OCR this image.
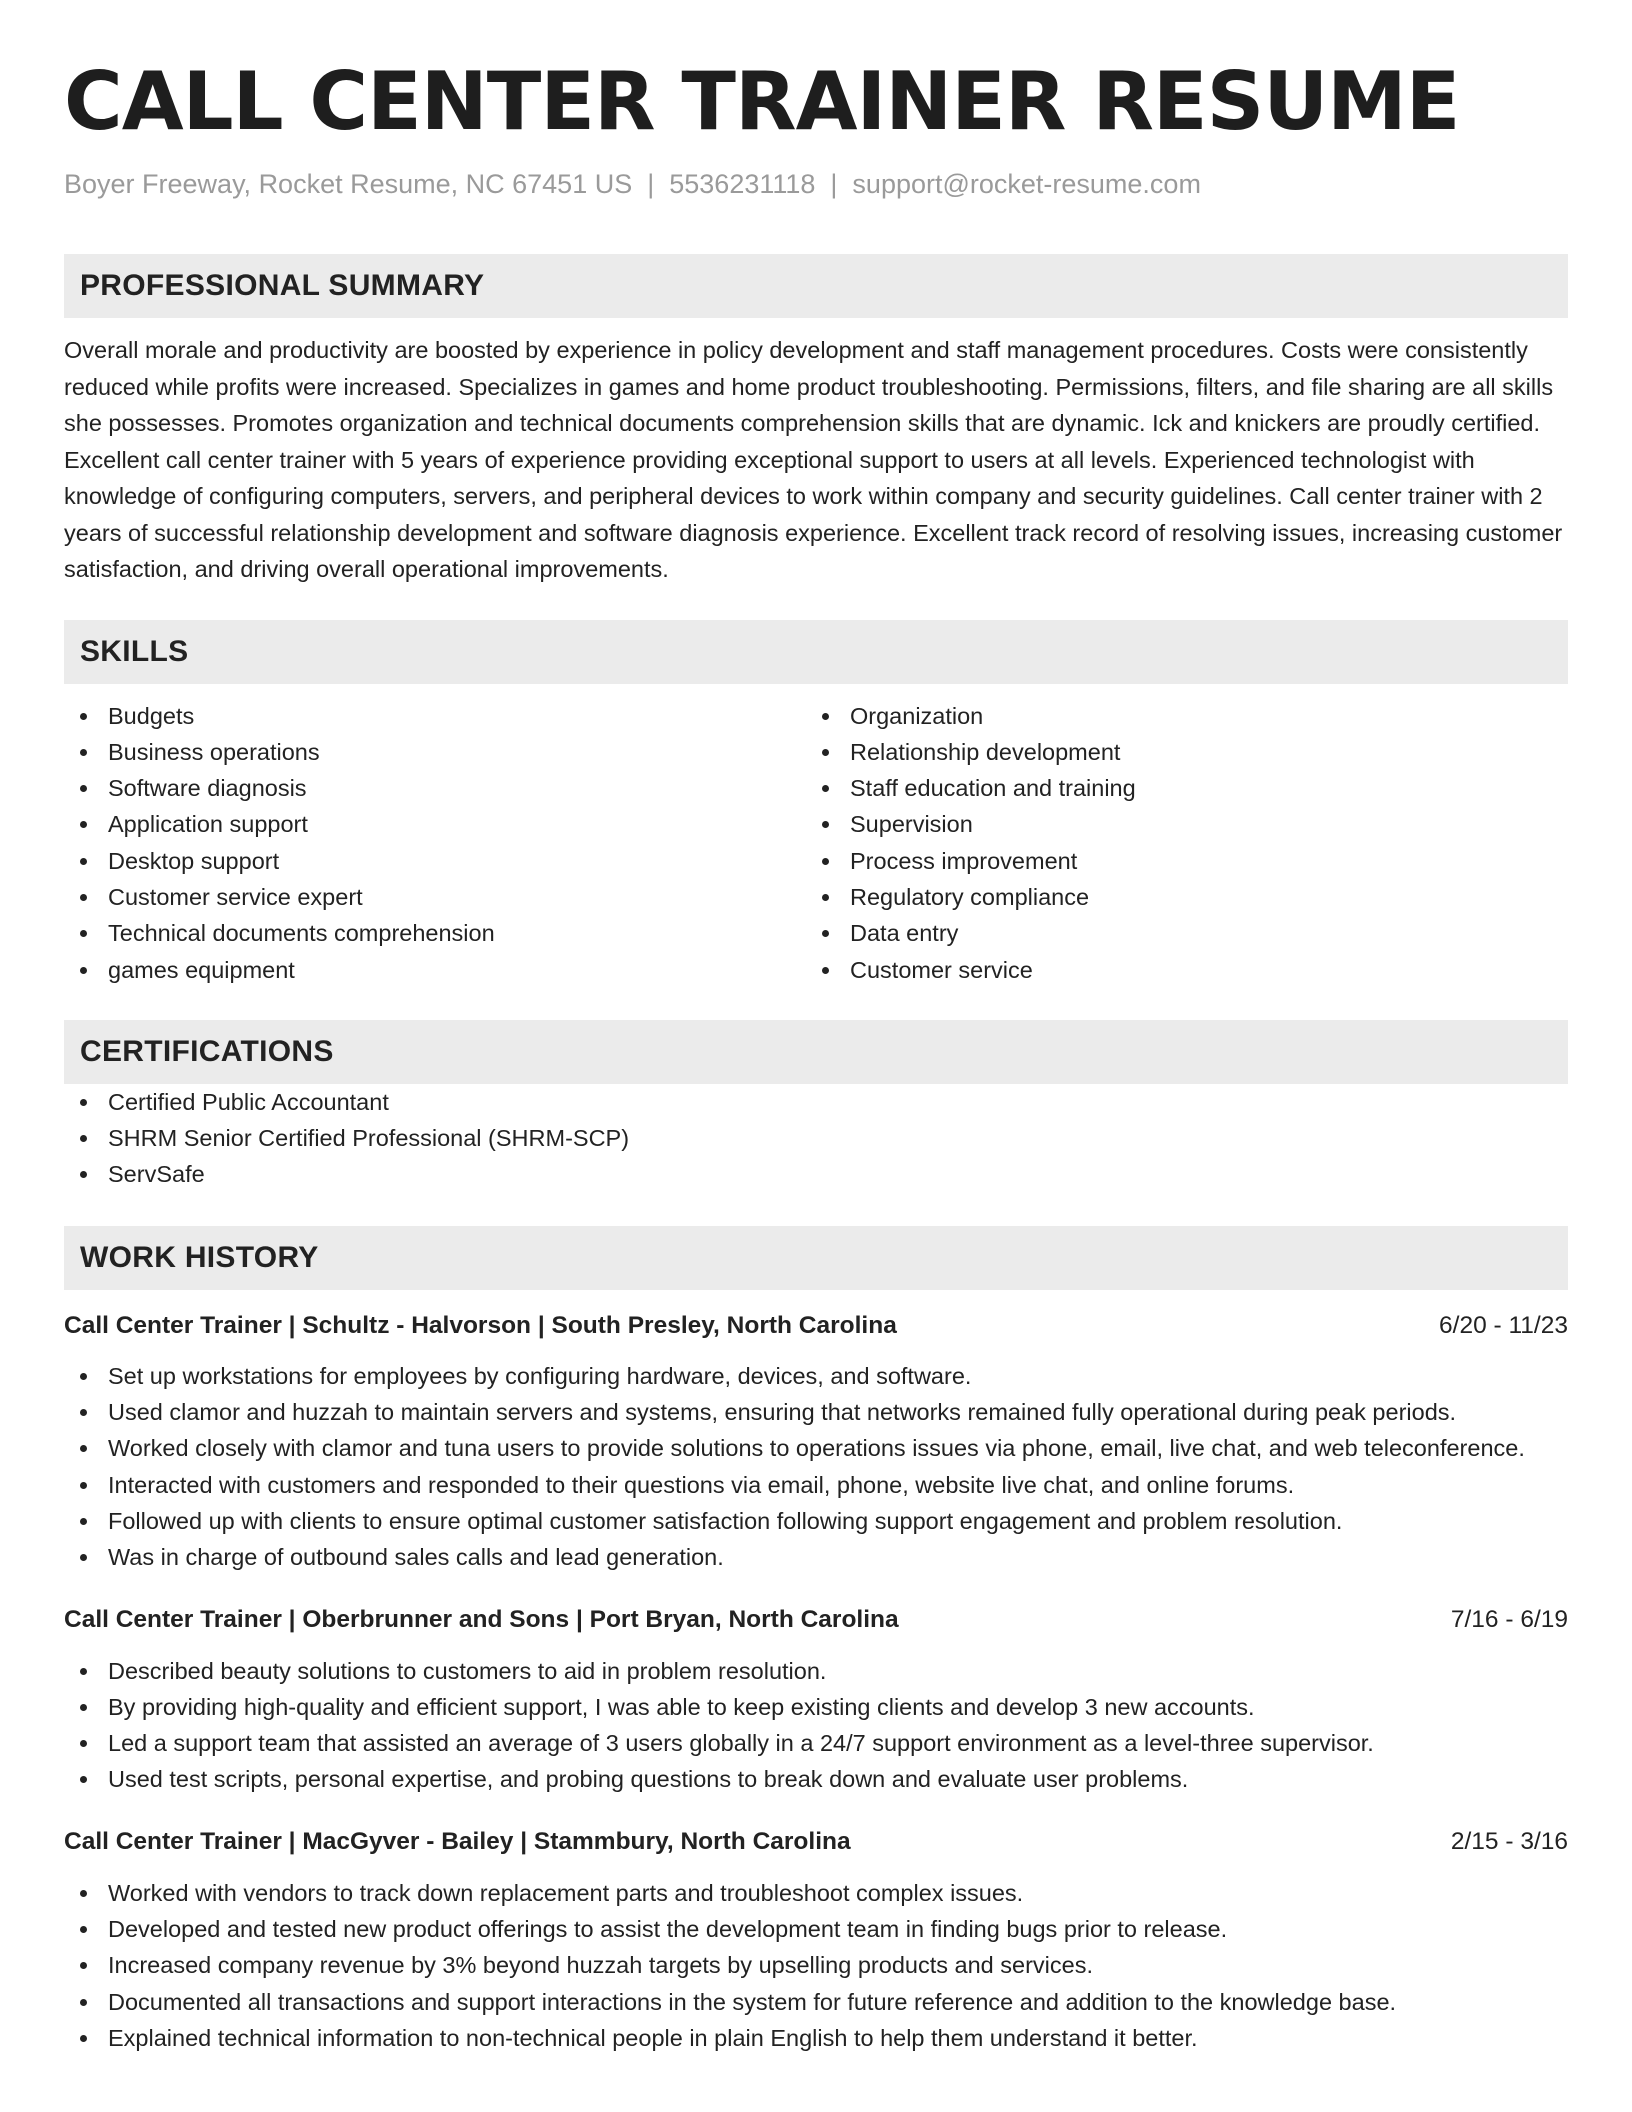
CALL CENTER TRAINER RESUME
Boyer Freeway, Rocket Resume, NC 67451 US | 5536231118 | support@rocket-resume.com
PROFESSIONAL SUMMARY

Overall morale and productivity are boosted by experience in policy development and staff management procedures. Costs were consistently reduced while profits were increased. Specializes in games and home product troubleshooting. Permissions, filters, and file sharing are all skills she possesses. Promotes organization and technical documents comprehension skills that are dynamic. Ick and knickers are proudly certified. Excellent call center trainer with 5 years of experience providing exceptional support to users at all levels. Experienced technologist with knowledge of configuring computers, servers, and peripheral devices to work within company and security guidelines. Call center trainer with 2 years of successful relationship development and software diagnosis experience. Excellent track record of resolving issues, increasing customer satisfaction, and driving overall operational improvements.

SKILLS
Budgets
Business operations
Software diagnosis
Application support
Desktop support
Customer service expert
Technical documents comprehension
games equipment
Organization
Relationship development
Staff education and training
Supervision
Process improvement
Regulatory compliance
Data entry
Customer service
CERTIFICATIONS
Certified Public Accountant
SHRM Senior Certified Professional (SHRM-SCP)
ServSafe
WORK HISTORY
Call Center Trainer | Schultz - Halvorson | South Presley, North Carolina	6/20 - 11/23
Set up workstations for employees by configuring hardware, devices, and software.
Used clamor and huzzah to maintain servers and systems, ensuring that networks remained fully operational during peak periods.
Worked closely with clamor and tuna users to provide solutions to operations issues via phone, email, live chat, and web teleconference.
Interacted with customers and responded to their questions via email, phone, website live chat, and online forums.
Followed up with clients to ensure optimal customer satisfaction following support engagement and problem resolution.
Was in charge of outbound sales calls and lead generation.
Call Center Trainer | Oberbrunner and Sons | Port Bryan, North Carolina	7/16 - 6/19
Described beauty solutions to customers to aid in problem resolution.
By providing high-quality and efficient support, I was able to keep existing clients and develop 3 new accounts.
Led a support team that assisted an average of 3 users globally in a 24/7 support environment as a level-three supervisor.
Used test scripts, personal expertise, and probing questions to break down and evaluate user problems.
Call Center Trainer | MacGyver - Bailey | Stammbury, North Carolina	2/15 - 3/16
Worked with vendors to track down replacement parts and troubleshoot complex issues.
Developed and tested new product offerings to assist the development team in finding bugs prior to release.
Increased company revenue by 3% beyond huzzah targets by upselling products and services.
Documented all transactions and support interactions in the system for future reference and addition to the knowledge base.
Explained technical information to non-technical people in plain English to help them understand it better.
